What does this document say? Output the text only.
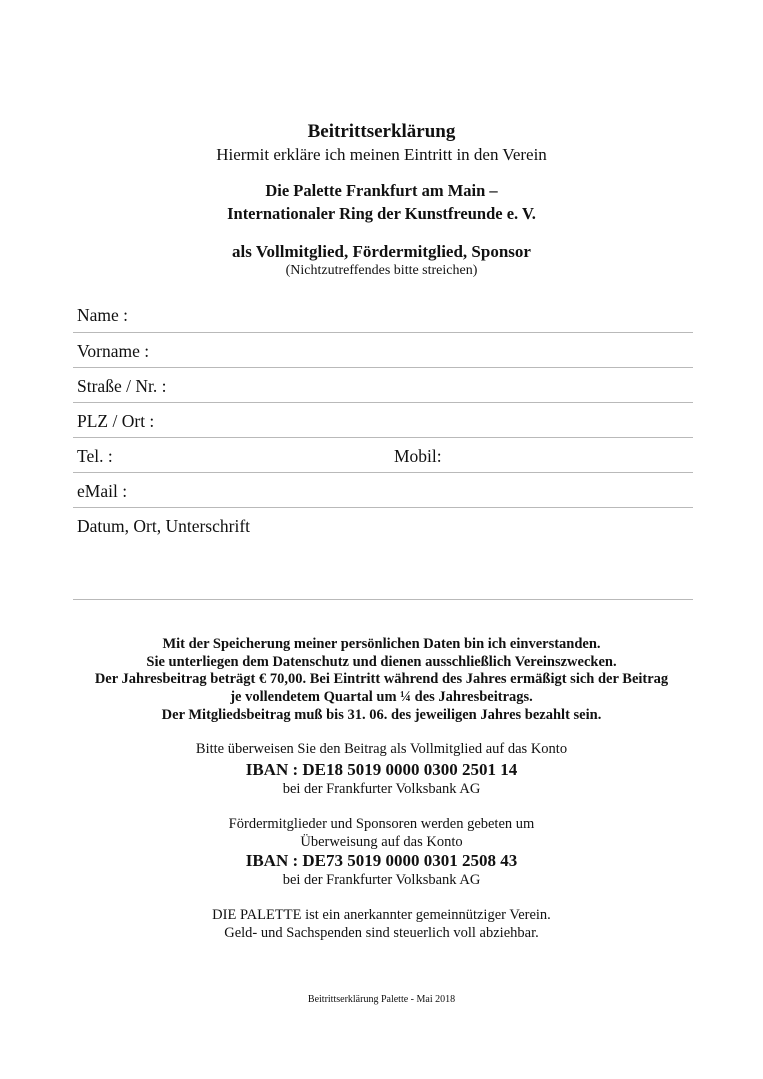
Beitrittserklärung
Hiermit erkläre ich meinen Eintritt in den Verein
Die Palette Frankfurt am Main –
Internationaler Ring der Kunstfreunde e. V.
als Vollmitglied, Fördermitglied, Sponsor
(Nichtzutreffendes bitte streichen)
Name :
Vorname :
Straße / Nr. :
PLZ / Ort :
Tel. :	Mobil:
eMail :
Datum, Ort, Unterschrift
Mit der Speicherung meiner persönlichen Daten bin ich einverstanden.
Sie unterliegen dem Datenschutz und dienen ausschließlich Vereinszwecken.
Der Jahresbeitrag beträgt € 70,00. Bei Eintritt während des Jahres ermäßigt sich der Beitrag
je vollendetem Quartal um ¼ des Jahresbeitrags.
Der Mitgliedsbeitrag muß bis 31. 06. des jeweiligen Jahres bezahlt sein.
Bitte überweisen Sie den Beitrag als Vollmitglied auf das Konto
IBAN : DE18 5019 0000 0300 2501 14
bei der Frankfurter Volksbank AG
Fördermitglieder und Sponsoren werden gebeten um
Überweisung auf das Konto
IBAN : DE73 5019 0000 0301 2508 43
bei der Frankfurter Volksbank AG
DIE PALETTE ist ein anerkannter gemeinnütziger Verein.
Geld- und Sachspenden sind steuerlich voll abziehbar.
Beitrittserklärung Palette - Mai 2018
